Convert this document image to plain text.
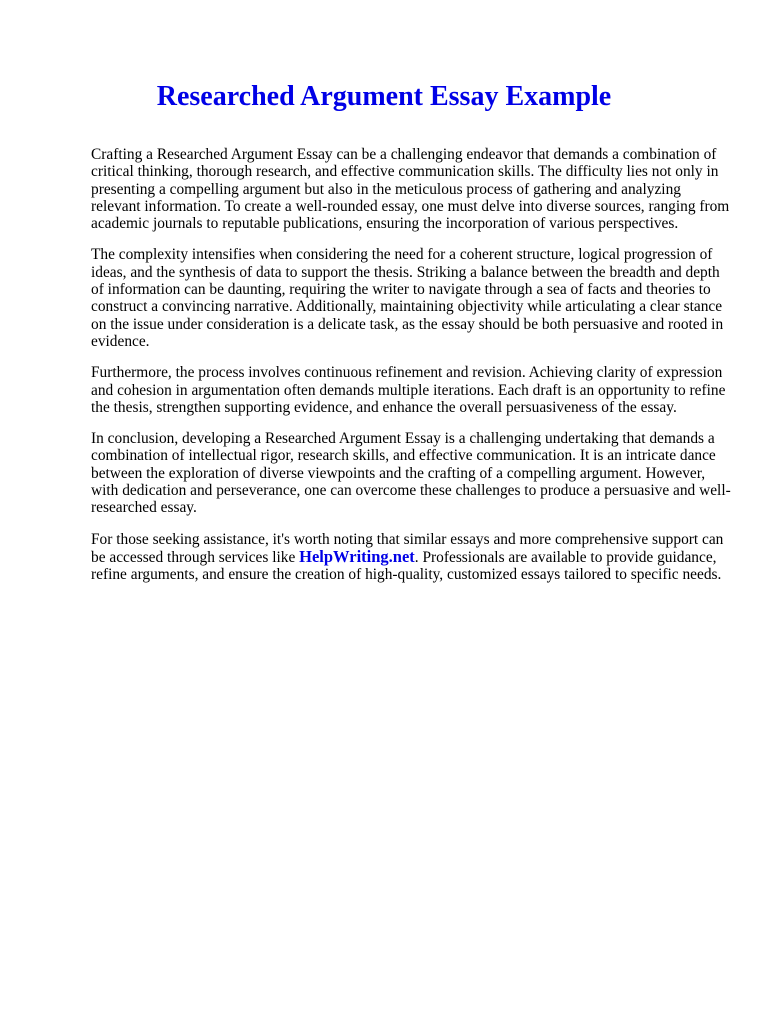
Researched Argument Essay Example

Crafting a Researched Argument Essay can be a challenging endeavor that demands a combination of critical thinking, thorough research, and effective communication skills. The difficulty lies not only in presenting a compelling argument but also in the meticulous process of gathering and analyzing relevant information. To create a well-rounded essay, one must delve into diverse sources, ranging from academic journals to reputable publications, ensuring the incorporation of various perspectives.

The complexity intensifies when considering the need for a coherent structure, logical progression of ideas, and the synthesis of data to support the thesis. Striking a balance between the breadth and depth of information can be daunting, requiring the writer to navigate through a sea of facts and theories to construct a convincing narrative. Additionally, maintaining objectivity while articulating a clear stance on the issue under consideration is a delicate task, as the essay should be both persuasive and rooted in evidence.

Furthermore, the process involves continuous refinement and revision. Achieving clarity of expression and cohesion in argumentation often demands multiple iterations. Each draft is an opportunity to refine the thesis, strengthen supporting evidence, and enhance the overall persuasiveness of the essay.

In conclusion, developing a Researched Argument Essay is a challenging undertaking that demands a combination of intellectual rigor, research skills, and effective communication. It is an intricate dance between the exploration of diverse viewpoints and the crafting of a compelling argument. However, with dedication and perseverance, one can overcome these challenges to produce a persuasive and well-researched essay.

For those seeking assistance, it's worth noting that similar essays and more comprehensive support can be accessed through services like HelpWriting.net. Professionals are available to provide guidance, refine arguments, and ensure the creation of high-quality, customized essays tailored to specific needs.
